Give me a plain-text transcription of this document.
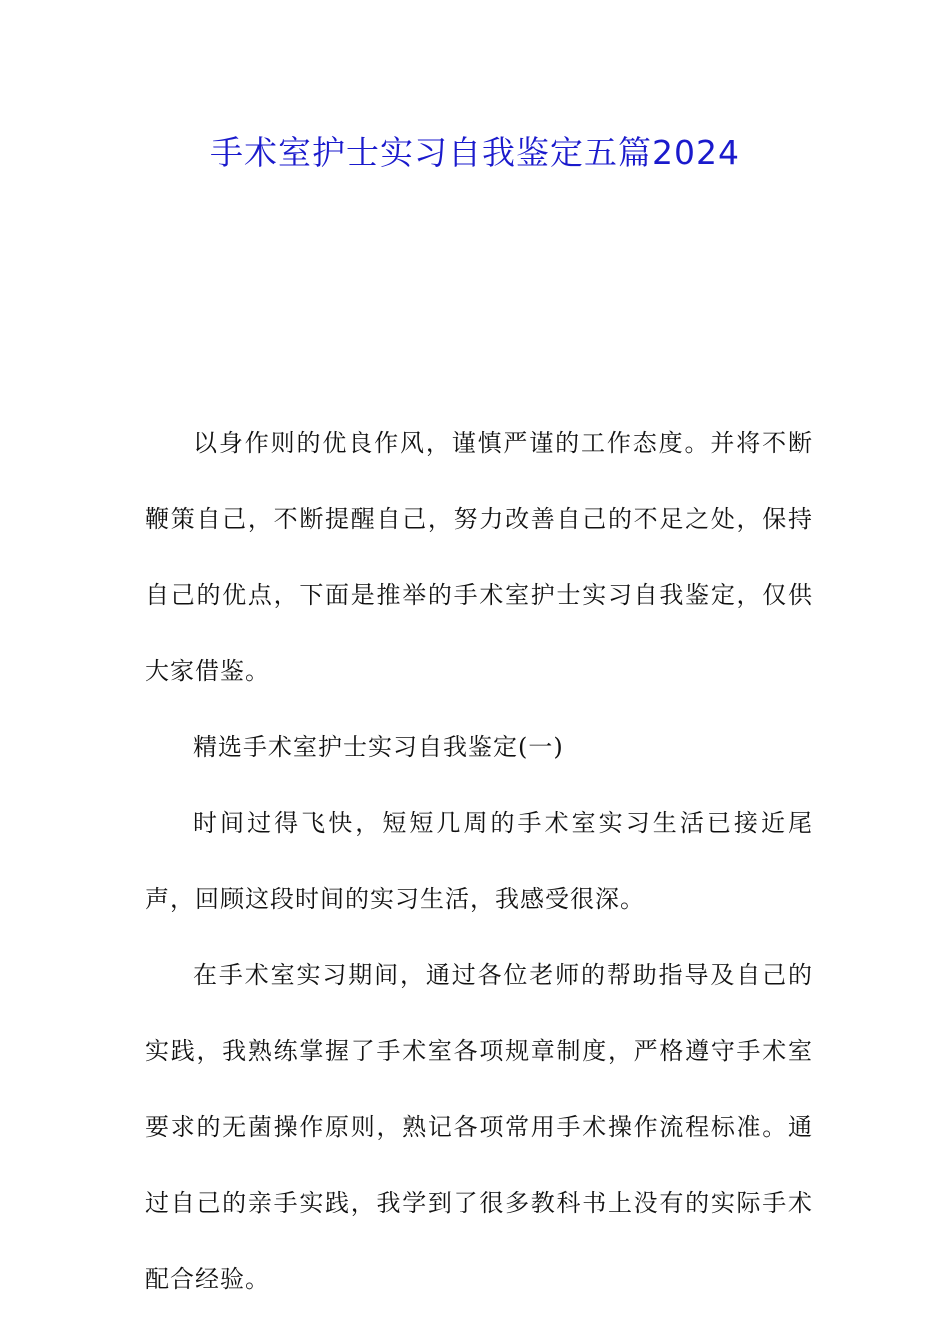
手术室护士实习自我鉴定五篇2024

以身作则的优良作风，谨慎严谨的工作态度。并将不断鞭策自己，不断提醒自己，努力改善自己的不足之处，保持自己的优点，下面是推举的手术室护士实习自我鉴定，仅供大家借鉴。

精选手术室护士实习自我鉴定(一)

时间过得飞快，短短几周的手术室实习生活已接近尾声，回顾这段时间的实习生活，我感受很深。

在手术室实习期间，通过各位老师的帮助指导及自己的实践，我熟练掌握了手术室各项规章制度，严格遵守手术室要求的无菌操作原则，熟记各项常用手术操作流程标准。通过自己的亲手实践，我学到了很多教科书上没有的实际手术配合经验。
